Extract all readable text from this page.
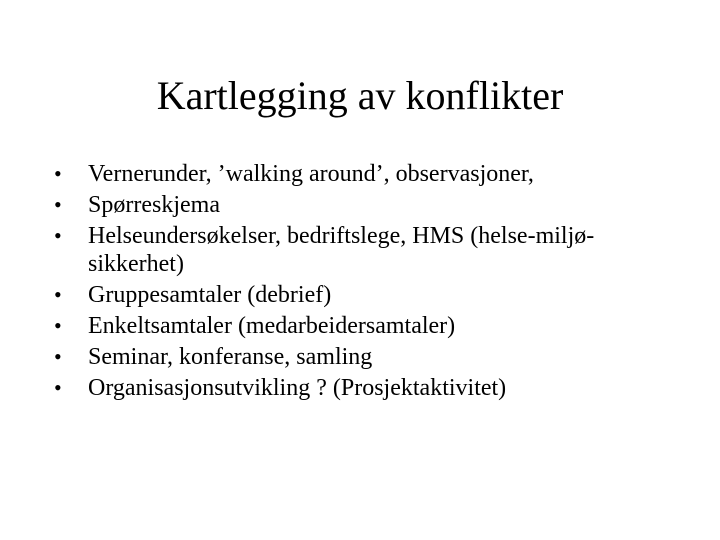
Kartlegging av konflikter
•	Vernerunder, ’walking around’, observasjoner,
•	Spørreskjema
•	Helseundersøkelser, bedriftslege, HMS (helse-miljø-sikkerhet)
•	Gruppesamtaler (debrief)
•	Enkeltsamtaler (medarbeidersamtaler)
•	Seminar, konferanse, samling
•	Organisasjonsutvikling ? (Prosjektaktivitet)
